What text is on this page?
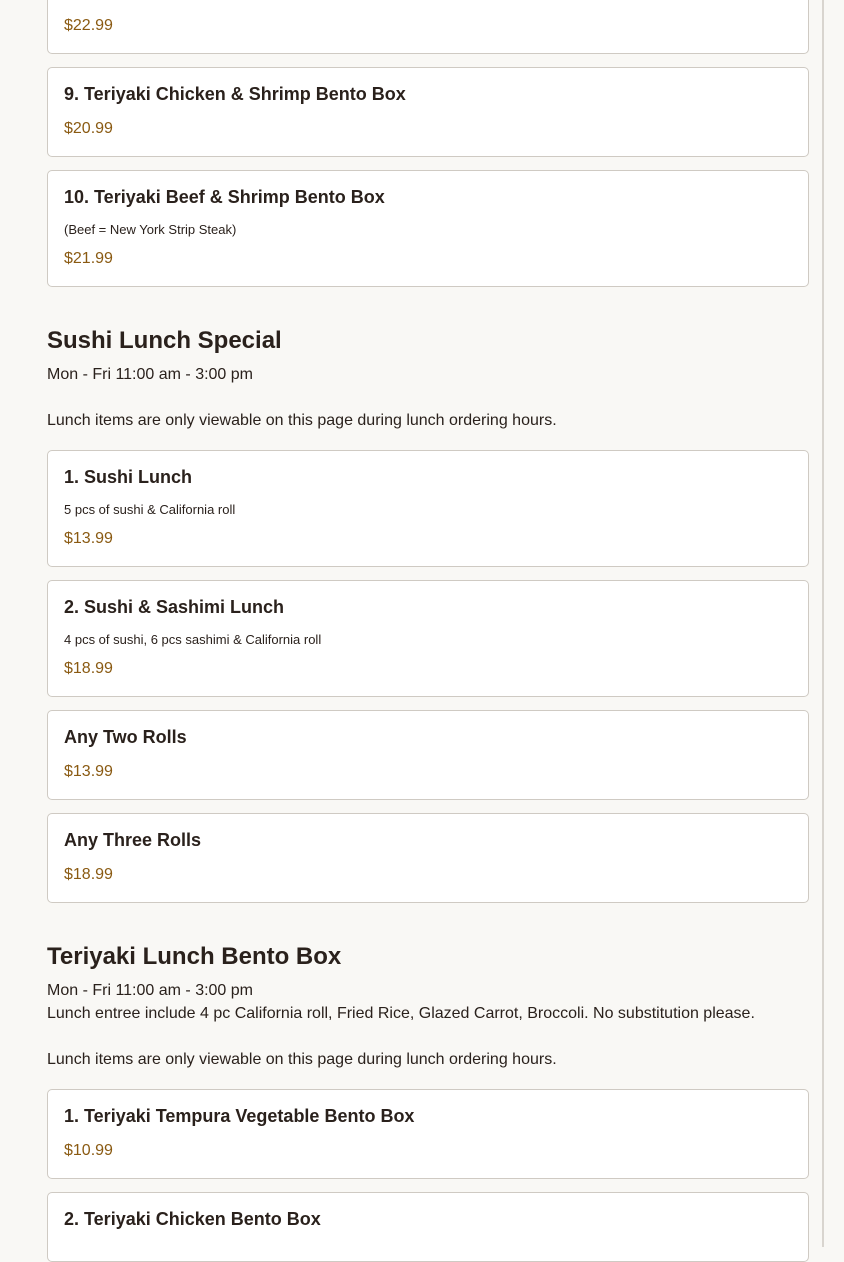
$22.99
9. Teriyaki Chicken & Shrimp Bento Box
$20.99
10. Teriyaki Beef & Shrimp Bento Box
(Beef = New York Strip Steak)
$21.99
Sushi Lunch Special
Mon - Fri 11:00 am - 3:00 pm
Lunch items are only viewable on this page during lunch ordering hours.
1. Sushi Lunch
5 pcs of sushi & California roll
$13.99
2. Sushi & Sashimi Lunch
4 pcs of sushi, 6 pcs sashimi & California roll
$18.99
Any Two Rolls
$13.99
Any Three Rolls
$18.99
Teriyaki Lunch Bento Box
Mon - Fri 11:00 am - 3:00 pm
Lunch entree include 4 pc California roll, Fried Rice, Glazed Carrot, Broccoli. No substitution please.
Lunch items are only viewable on this page during lunch ordering hours.
1. Teriyaki Tempura Vegetable Bento Box
$10.99
2. Teriyaki Chicken Bento Box
